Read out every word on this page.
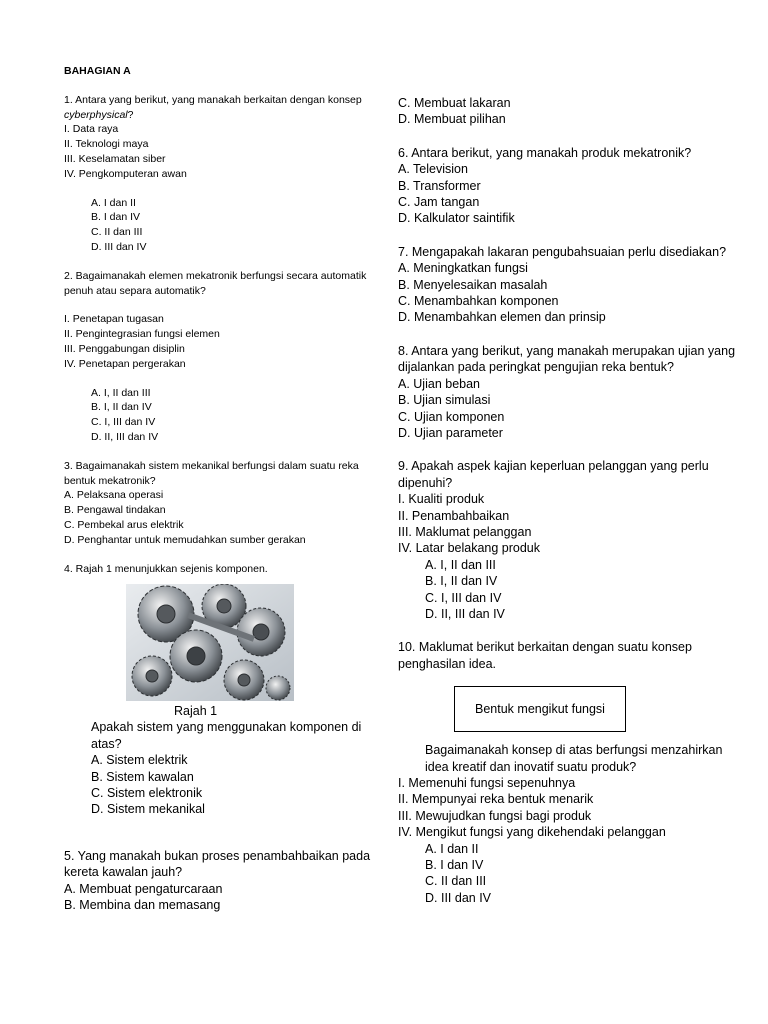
BAHAGIAN A

1. Antara yang berikut, yang manakah berkaitan dengan konsep cyberphysical?

I. Data raya

II. Teknologi maya

III. Keselamatan siber

IV. Pengkomputeran awan

A. I dan II

B. I dan IV

C. II dan III

D. III dan IV

2. Bagaimanakah elemen mekatronik berfungsi secara automatik penuh atau separa automatik?

I. Penetapan tugasan

II. Pengintegrasian fungsi elemen

III. Penggabungan disiplin

IV. Penetapan pergerakan

A. I, II dan III

B. I, II dan IV

C. I, III dan IV

D. II, III dan IV

3. Bagaimanakah sistem mekanikal berfungsi dalam suatu reka bentuk mekatronik?

A. Pelaksana operasi

B. Pengawal tindakan

C. Pembekal arus elektrik

D. Penghantar untuk memudahkan sumber gerakan

4. Rajah 1 menunjukkan sejenis komponen.

Rajah 1

Apakah sistem yang menggunakan komponen di atas?

A. Sistem elektrik

B. Sistem kawalan

C. Sistem elektronik

D. Sistem mekanikal

5. Yang manakah bukan proses penambahbaikan pada kereta kawalan jauh?

A. Membuat pengaturcaraan

B. Membina dan memasang

C. Membuat lakaran

D. Membuat pilihan

6. Antara berikut, yang manakah produk mekatronik?

A. Television

B. Transformer

C. Jam tangan

D. Kalkulator saintifik

7. Mengapakah lakaran pengubahsuaian perlu disediakan?

A. Meningkatkan fungsi

B. Menyelesaikan masalah

C. Menambahkan komponen

D. Menambahkan elemen dan prinsip

8. Antara yang berikut, yang manakah merupakan ujian yang dijalankan pada peringkat pengujian reka bentuk?

A. Ujian beban

B. Ujian simulasi

C. Ujian komponen

D. Ujian parameter

9. Apakah aspek kajian keperluan pelanggan yang perlu dipenuhi?

I. Kualiti produk

II. Penambahbaikan

III. Maklumat pelanggan

IV. Latar belakang produk

A. I, II dan III

B. I, II dan IV

C. I, III dan IV

D. II, III dan IV

10. Maklumat berikut berkaitan dengan suatu konsep penghasilan idea.

Bentuk mengikut fungsi

Bagaimanakah konsep di atas berfungsi menzahirkan idea kreatif dan inovatif suatu produk?

I. Memenuhi fungsi sepenuhnya

II. Mempunyai reka bentuk menarik

III. Mewujudkan fungsi bagi produk

IV. Mengikut fungsi yang dikehendaki pelanggan

A. I dan II

B. I dan IV

C. II dan III

D. III dan IV
